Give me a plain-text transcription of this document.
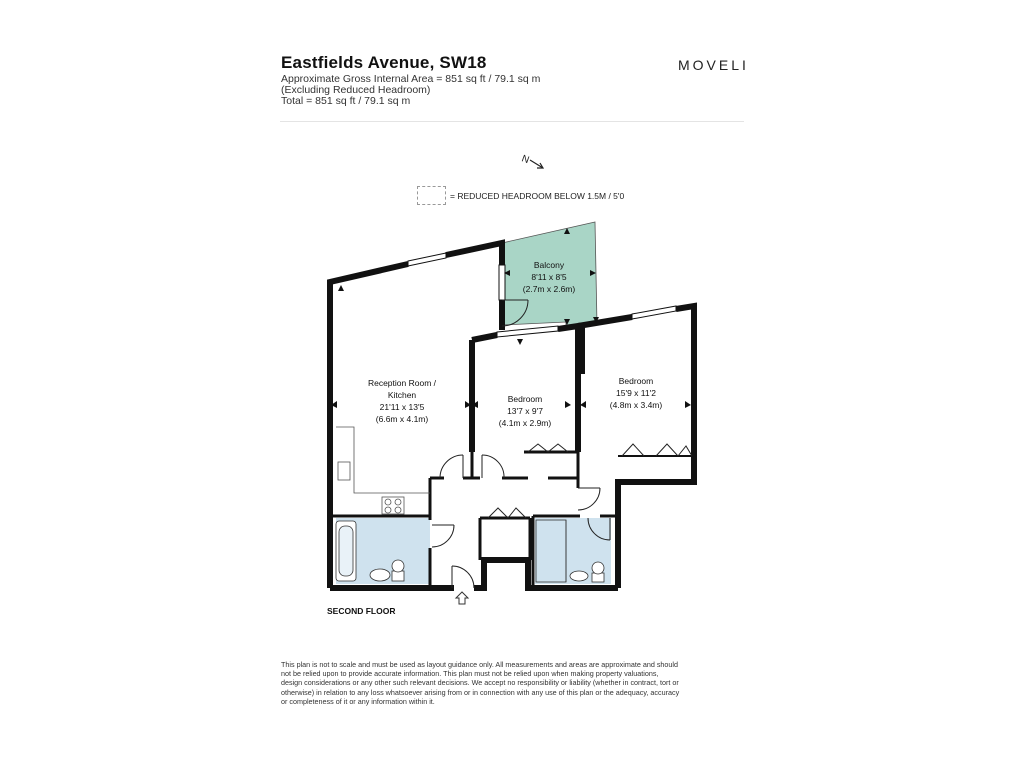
Eastfields Avenue, SW18
Approximate Gross Internal Area = 851 sq ft / 79.1 sq m
(Excluding Reduced Headroom)
Total = 851 sq ft / 79.1 sq m
MOVELI
= REDUCED HEADROOM BELOW 1.5M / 5'0
N
Balcony
8'11 x 8'5
(2.7m x 2.6m)
Reception Room /
Kitchen
21'11 x 13'5
(6.6m x 4.1m)
Bedroom
13'7 x 9'7
(4.1m x 2.9m)
Bedroom
15'9 x 11'2
(4.8m x 3.4m)
SECOND FLOOR
This plan is not to scale and must be used as layout guidance only. All measurements and areas are approximate and should not be relied upon to provide accurate information. This plan must not be relied upon when making property valuations, design considerations or any other such relevant decisions. We accept no responsibility or liability (whether in contract, tort or otherwise) in relation to any loss whatsoever arising from or in connection with any use of this plan or the adequacy, accuracy or completeness of it or any information within it.
